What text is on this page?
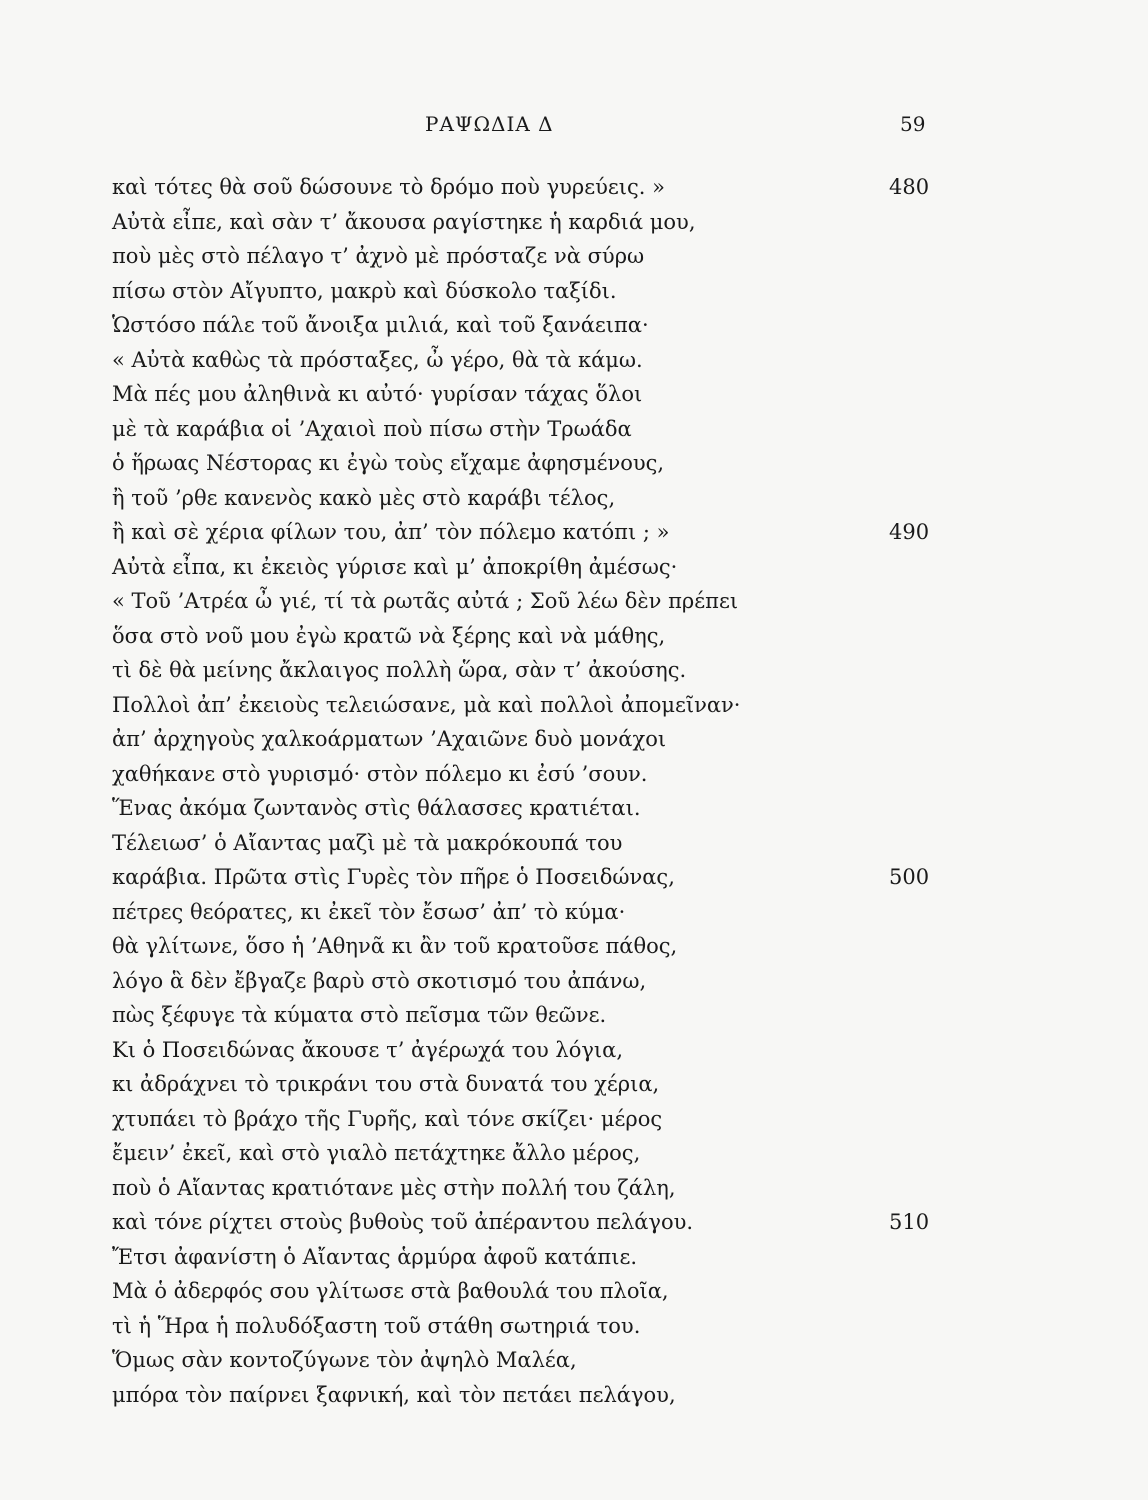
ΡΑΨΩΔΙΑ Δ	59
καὶ τότες θὰ σοῦ δώσουνε τὸ δρόμο ποὺ γυρεύεις. »	480
Αὐτὰ εἶπε, καὶ σὰν τ’ ἄκουσα ραγίστηκε ἡ καρδιά μου,
ποὺ μὲς στὸ πέλαγο τ’ ἀχνὸ μὲ πρόσταζε νὰ σύρω
πίσω στὸν Αἴγυπτο, μακρὺ καὶ δύσκολο ταξίδι.
Ὡστόσο πάλε τοῦ ἄνοιξα μιλιά, καὶ τοῦ ξανάειπα·
« Αὐτὰ καθὼς τὰ πρόσταξες, ὦ γέρο, θὰ τὰ κάμω.
Μὰ πές μου ἀληθινὰ κι αὐτό· γυρίσαν τάχας ὅλοι
μὲ τὰ καράβια οἱ ’Αχαιοὶ ποὺ πίσω στὴν Τρωάδα
ὁ ἥρωας Νέστορας κι ἐγὼ τοὺς εἴχαμε ἀφησμένους,
ἢ τοῦ ’ρθε κανενὸς κακὸ μὲς στὸ καράβι τέλος,
ἢ καὶ σὲ χέρια φίλων του, ἀπ’ τὸν πόλεμο κατόπι ; »	490
Αὐτὰ εἶπα, κι ἐκειὸς γύρισε καὶ μ’ ἀποκρίθη ἀμέσως·
« Τοῦ ’Ατρέα ὦ γιέ, τί τὰ ρωτᾶς αὐτά ; Σοῦ λέω δὲν πρέπει
ὅσα στὸ νοῦ μου ἐγὼ κρατῶ νὰ ξέρης καὶ νὰ μάθης,
τὶ δὲ θὰ μείνης ἄκλαιγος πολλὴ ὥρα, σὰν τ’ ἀκούσης.
Πολλοὶ ἀπ’ ἐκειοὺς τελειώσανε, μὰ καὶ πολλοὶ ἀπομεῖναν·
ἀπ’ ἀρχηγοὺς χαλκοάρματων ’Αχαιῶνε δυὸ μονάχοι
χαθήκανε στὸ γυρισμό· στὸν πόλεμο κι ἐσύ ’σουν.
Ἕνας ἀκόμα ζωντανὸς στὶς θάλασσες κρατιέται.
Τέλειωσ’ ὁ Αἴαντας μαζὶ μὲ τὰ μακρόκουπά του
καράβια. Πρῶτα στὶς Γυρὲς τὸν πῆρε ὁ Ποσειδώνας,	500
πέτρες θεόρατες, κι ἐκεῖ τὸν ἔσωσ’ ἀπ’ τὸ κύμα·
θὰ γλίτωνε, ὅσο ἡ ’Αθηνᾶ κι ἂν τοῦ κρατοῦσε πάθος,
λόγο ἃ δὲν ἔβγαζε βαρὺ στὸ σκοτισμό του ἀπάνω,
πὼς ξέφυγε τὰ κύματα στὸ πεῖσμα τῶν θεῶνε.
Κι ὁ Ποσειδώνας ἄκουσε τ’ ἀγέρωχά του λόγια,
κι ἀδράχνει τὸ τρικράνι του στὰ δυνατά του χέρια,
χτυπάει τὸ βράχο τῆς Γυρῆς, καὶ τόνε σκίζει· μέρος
ἔμειν’ ἐκεῖ, καὶ στὸ γιαλὸ πετάχτηκε ἄλλο μέρος,
ποὺ ὁ Αἴαντας κρατιότανε μὲς στὴν πολλή του ζάλη,
καὶ τόνε ρίχτει στοὺς βυθοὺς τοῦ ἀπέραντου πελάγου.	510
Ἔτσι ἀφανίστη ὁ Αἴαντας ἁρμύρα ἀφοῦ κατάπιε.
Μὰ ὁ ἀδερφός σου γλίτωσε στὰ βαθουλά του πλοῖα,
τὶ ἡ Ἥρα ἡ πολυδόξαστη τοῦ στάθη σωτηριά του.
Ὅμως σὰν κοντοζύγωνε τὸν ἀψηλὸ Μαλέα,
μπόρα τὸν παίρνει ξαφνική, καὶ τὸν πετάει πελάγου,
